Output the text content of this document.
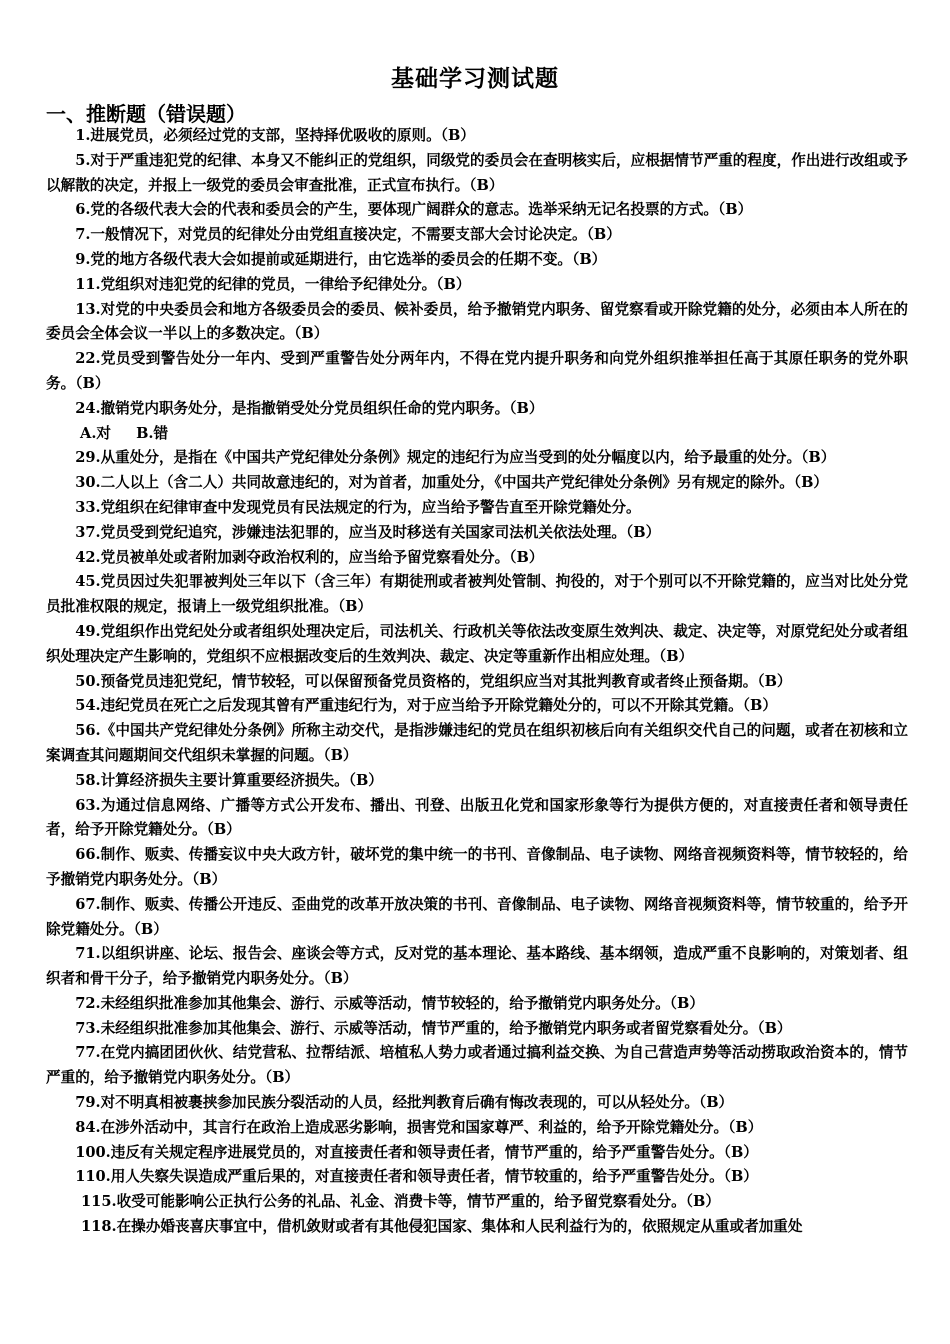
基础学习测试题
一、推断题（错误题）

1.进展党员，必须经过党的支部，坚持择优吸收的原则。（B）

5.对于严重违犯党的纪律、本身又不能纠正的党组织，同级党的委员会在查明核实后，应根据情节严重的程度，作出进行改组或予以解散的决定，并报上一级党的委员会审查批准，正式宣布执行。（B）

6.党的各级代表大会的代表和委员会的产生，要体现广阔群众的意志。选举采纳无记名投票的方式。（B）

7.一般情况下，对党员的纪律处分由党组直接决定，不需要支部大会讨论决定。（B）

9.党的地方各级代表大会如提前或延期进行，由它选举的委员会的任期不变。（B）

11.党组织对违犯党的纪律的党员，一律给予纪律处分。（B）

13.对党的中央委员会和地方各级委员会的委员、候补委员，给予撤销党内职务、留党察看或开除党籍的处分，必须由本人所在的委员会全体会议一半以上的多数决定。（B）

22.党员受到警告处分一年内、受到严重警告处分两年内，不得在党内提升职务和向党外组织推举担任高于其原任职务的党外职务。（B）

24.撤销党内职务处分，是指撤销受处分党员组织任命的党内职务。（B）

A.对 B.错

29.从重处分，是指在《中国共产党纪律处分条例》规定的违纪行为应当受到的处分幅度以内，给予最重的处分。（B）

30.二人以上（含二人）共同故意违纪的，对为首者，加重处分，《中国共产党纪律处分条例》另有规定的除外。（B）

33.党组织在纪律审查中发现党员有民法规定的行为，应当给予警告直至开除党籍处分。

37.党员受到党纪追究，涉嫌违法犯罪的，应当及时移送有关国家司法机关依法处理。（B）

42.党员被单处或者附加剥夺政治权利的，应当给予留党察看处分。（B）

45.党员因过失犯罪被判处三年以下（含三年）有期徒刑或者被判处管制、拘役的，对于个别可以不开除党籍的，应当对比处分党员批准权限的规定，报请上一级党组织批准。（B）

49.党组织作出党纪处分或者组织处理决定后，司法机关、行政机关等依法改变原生效判决、裁定、决定等，对原党纪处分或者组织处理决定产生影响的，党组织不应根据改变后的生效判决、裁定、决定等重新作出相应处理。（B）

50.预备党员违犯党纪，情节较轻，可以保留预备党员资格的，党组织应当对其批判教育或者终止预备期。（B）

54.违纪党员在死亡之后发现其曾有严重违纪行为，对于应当给予开除党籍处分的，可以不开除其党籍。（B）

56.《中国共产党纪律处分条例》所称主动交代，是指涉嫌违纪的党员在组织初核后向有关组织交代自己的问题，或者在初核和立案调查其问题期间交代组织未掌握的问题。（B）

58.计算经济损失主要计算重要经济损失。（B）

63.为通过信息网络、广播等方式公开发布、播出、刊登、出版丑化党和国家形象等行为提供方便的，对直接责任者和领导责任者，给予开除党籍处分。（B）

66.制作、贩卖、传播妄议中央大政方针，破坏党的集中统一的书刊、音像制品、电子读物、网络音视频资料等，情节较轻的，给予撤销党内职务处分。（B）

67.制作、贩卖、传播公开违反、歪曲党的改革开放决策的书刊、音像制品、电子读物、网络音视频资料等，情节较重的，给予开除党籍处分。（B）

71.以组织讲座、论坛、报告会、座谈会等方式，反对党的基本理论、基本路线、基本纲领，造成严重不良影响的，对策划者、组织者和骨干分子，给予撤销党内职务处分。（B）

72.未经组织批准参加其他集会、游行、示威等活动，情节较轻的，给予撤销党内职务处分。（B）

73.未经组织批准参加其他集会、游行、示威等活动，情节严重的，给予撤销党内职务或者留党察看处分。（B）

77.在党内搞团团伙伙、结党营私、拉帮结派、培植私人势力或者通过搞利益交换、为自己营造声势等活动捞取政治资本的，情节严重的，给予撤销党内职务处分。（B）

79.对不明真相被裹挟参加民族分裂活动的人员，经批判教育后确有悔改表现的，可以从轻处分。（B）

84.在涉外活动中，其言行在政治上造成恶劣影响，损害党和国家尊严、利益的，给予开除党籍处分。（B）

100.违反有关规定程序进展党员的，对直接责任者和领导责任者，情节严重的，给予严重警告处分。（B）

110.用人失察失误造成严重后果的，对直接责任者和领导责任者，情节较重的，给予严重警告处分。（B）

115.收受可能影响公正执行公务的礼品、礼金、消费卡等，情节严重的，给予留党察看处分。（B）

118.在操办婚丧喜庆事宜中，借机敛财或者有其他侵犯国家、集体和人民利益行为的，依照规定从重或者加重处
